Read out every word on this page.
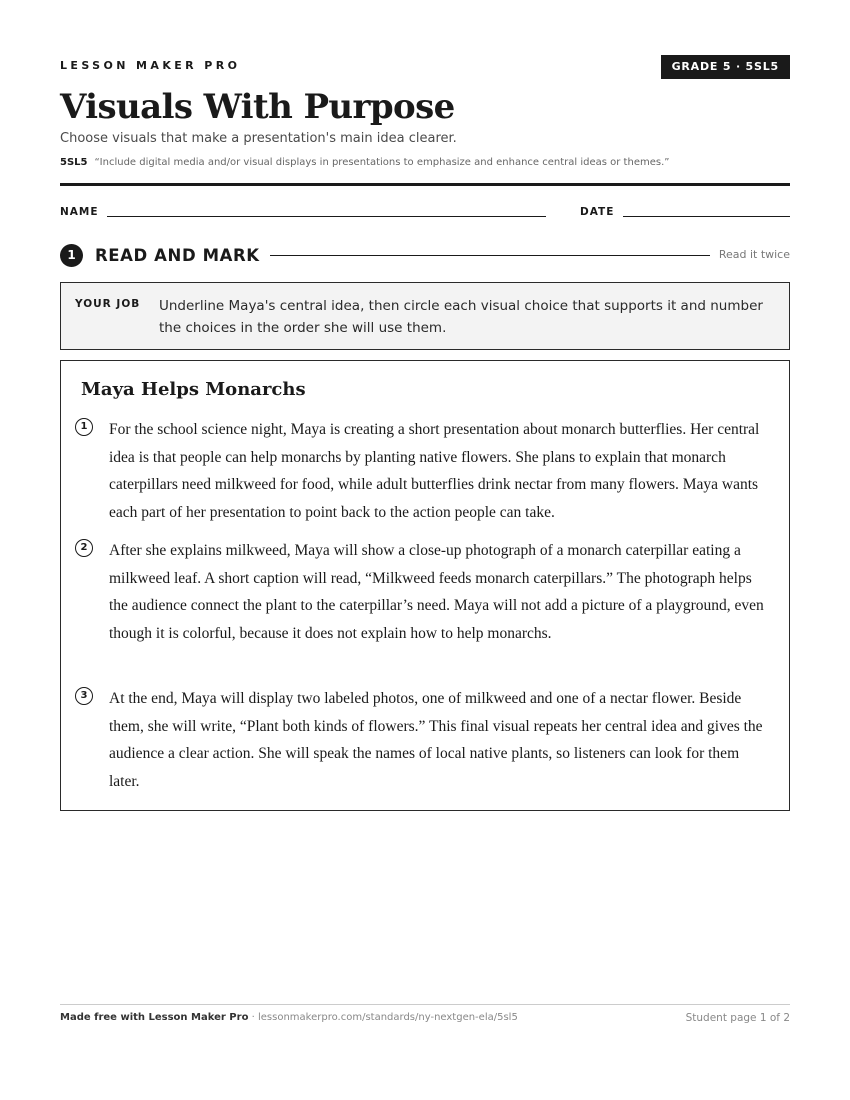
LESSON MAKER PRO	GRADE 5 · 5SL5
Visuals With Purpose
Choose visuals that make a presentation's main idea clearer.
5SL5 “Include digital media and/or visual displays in presentations to emphasize and enhance central ideas or themes.”
NAME	DATE
1	READ AND MARK	Read it twice
YOUR JOB Underline Maya's central idea, then circle each visual choice that supports it and number the choices in the order she will use them.
Maya Helps Monarchs
1	For the school science night, Maya is creating a short presentation about monarch butterflies. Her central idea is that people can help monarchs by planting native flowers. She plans to explain that monarch caterpillars need milkweed for food, while adult butterflies drink nectar from many flowers. Maya wants each part of her presentation to point back to the action people can take.
2	After she explains milkweed, Maya will show a close-up photograph of a monarch caterpillar eating a milkweed leaf. A short caption will read, “Milkweed feeds monarch caterpillars.” The photograph helps the audience connect the plant to the caterpillar’s need. Maya will not add a picture of a playground, even though it is colorful, because it does not explain how to help monarchs.
3	At the end, Maya will display two labeled photos, one of milkweed and one of a nectar flower. Beside them, she will write, “Plant both kinds of flowers.” This final visual repeats her central idea and gives the audience a clear action. She will speak the names of local native plants, so listeners can look for them later.
Made free with Lesson Maker Pro · lessonmakerpro.com/standards/ny-nextgen-ela/5sl5	Student page 1 of 2
